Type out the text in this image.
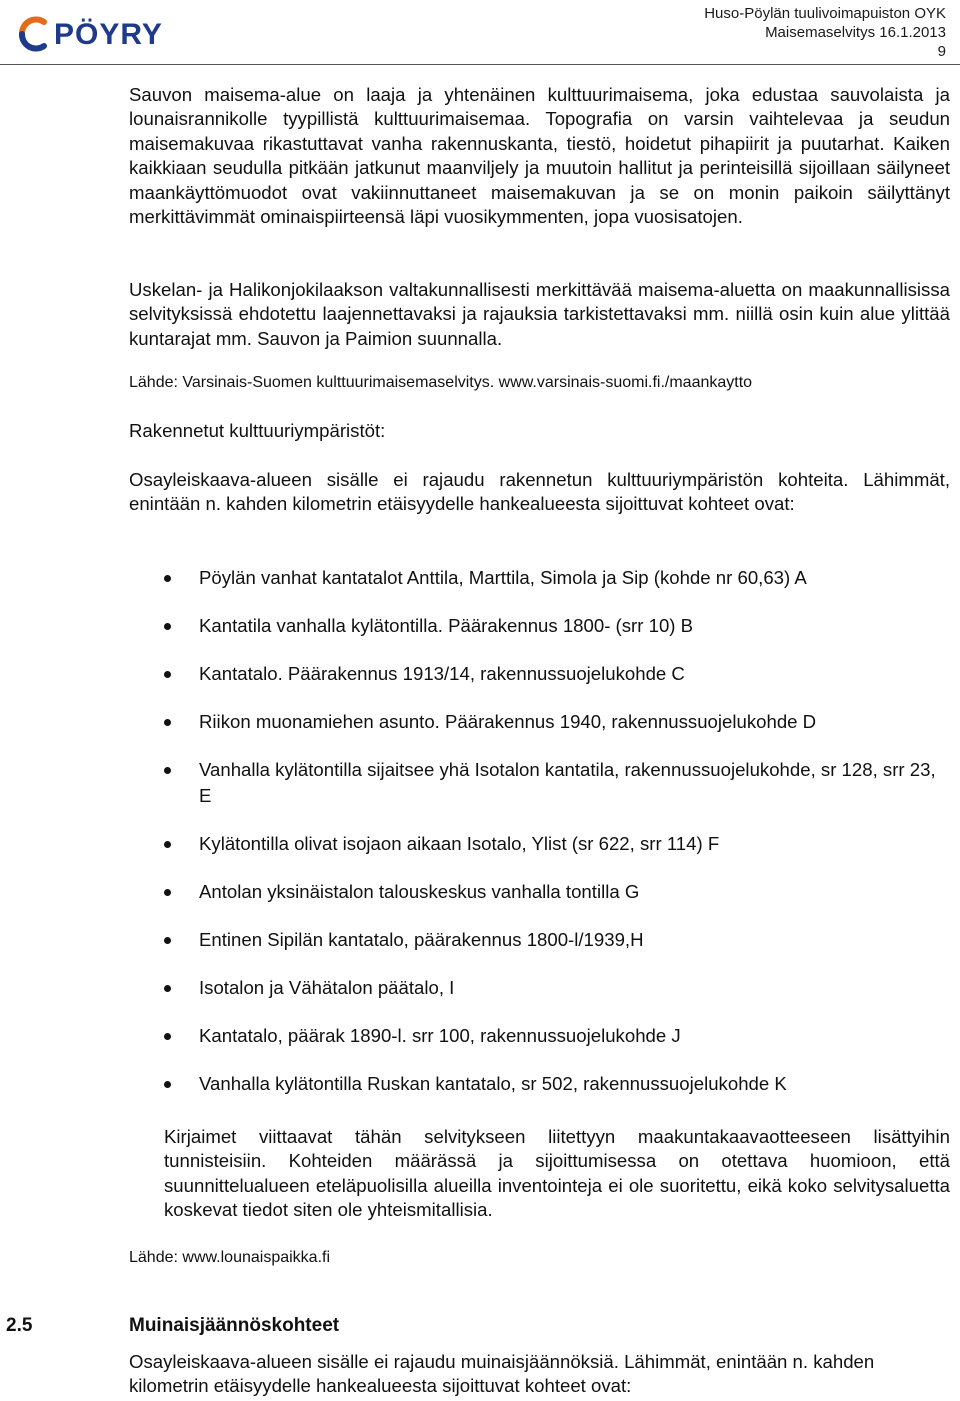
PÖYRY
Huso-Pöylän tuulivoimapuiston OYK
Maisemaselvitys 16.1.2013
9

Sauvon maisema-alue on laaja ja yhtenäinen kulttuurimaisema, joka edustaa sauvolaista ja lounaisrannikolle tyypillistä kulttuurimaisemaa. Topografia on varsin vaihtelevaa ja seudun maisemakuvaa rikastuttavat vanha rakennuskanta, tiestö, hoidetut pihapiirit ja puutarhat. Kaiken kaikkiaan seudulla pitkään jatkunut maanviljely ja muutoin hallitut ja perinteisillä sijoillaan säilyneet maankäyttömuodot ovat vakiinnuttaneet maisemakuvan ja se on monin paikoin säilyttänyt merkittävimmät ominaispiirteensä läpi vuosikymmenten, jopa vuosisatojen.

Uskelan- ja Halikonjokilaakson valtakunnallisesti merkittävää maisema-aluetta on maakunnallisissa selvityksissä ehdotettu laajennettavaksi ja rajauksia tarkistettavaksi mm. niillä osin kuin alue ylittää kuntarajat mm. Sauvon ja Paimion suunnalla.

Lähde: Varsinais-Suomen kulttuurimaisemaselvitys. www.varsinais-suomi.fi./maankaytto

Rakennetut kulttuuriympäristöt:

Osayleiskaava-alueen sisälle ei rajaudu rakennetun kulttuuriympäristön kohteita. Lähimmät, enintään n. kahden kilometrin etäisyydelle hankealueesta sijoittuvat kohteet ovat:

Pöylän vanhat kantatalot Anttila, Marttila, Simola ja Sip (kohde nr 60,63) A
Kantatila vanhalla kylätontilla. Päärakennus 1800- (srr 10) B
Kantatalo. Päärakennus 1913/14, rakennussuojelukohde C
Riikon muonamiehen asunto. Päärakennus 1940, rakennussuojelukohde D
Vanhalla kylätontilla sijaitsee yhä Isotalon kantatila, rakennussuojelukohde, sr 128, srr 23, E
Kylätontilla olivat isojaon aikaan Isotalo, Ylist (sr 622, srr 114) F
Antolan yksinäistalon talouskeskus vanhalla tontilla G
Entinen Sipilän kantatalo, päärakennus 1800-l/1939,H
Isotalon ja Vähätalon päätalo, I
Kantatalo, päärak 1890-l. srr 100, rakennussuojelukohde J
Vanhalla kylätontilla Ruskan kantatalo, sr 502, rakennussuojelukohde K

Kirjaimet viittaavat tähän selvitykseen liitettyyn maakuntakaavaotteeseen lisättyihin tunnisteisiin. Kohteiden määrässä ja sijoittumisessa on otettava huomioon, että suunnittelualueen eteläpuolisilla alueilla inventointeja ei ole suoritettu, eikä koko selvitysaluetta koskevat tiedot siten ole yhteismitallisia.

Lähde: www.lounaispaikka.fi

2.5	Muinaisjäännöskohteet

Osayleiskaava-alueen sisälle ei rajaudu muinaisjäännöksiä. Lähimmät, enintään n. kahden kilometrin etäisyydelle hankealueesta sijoittuvat kohteet ovat:
